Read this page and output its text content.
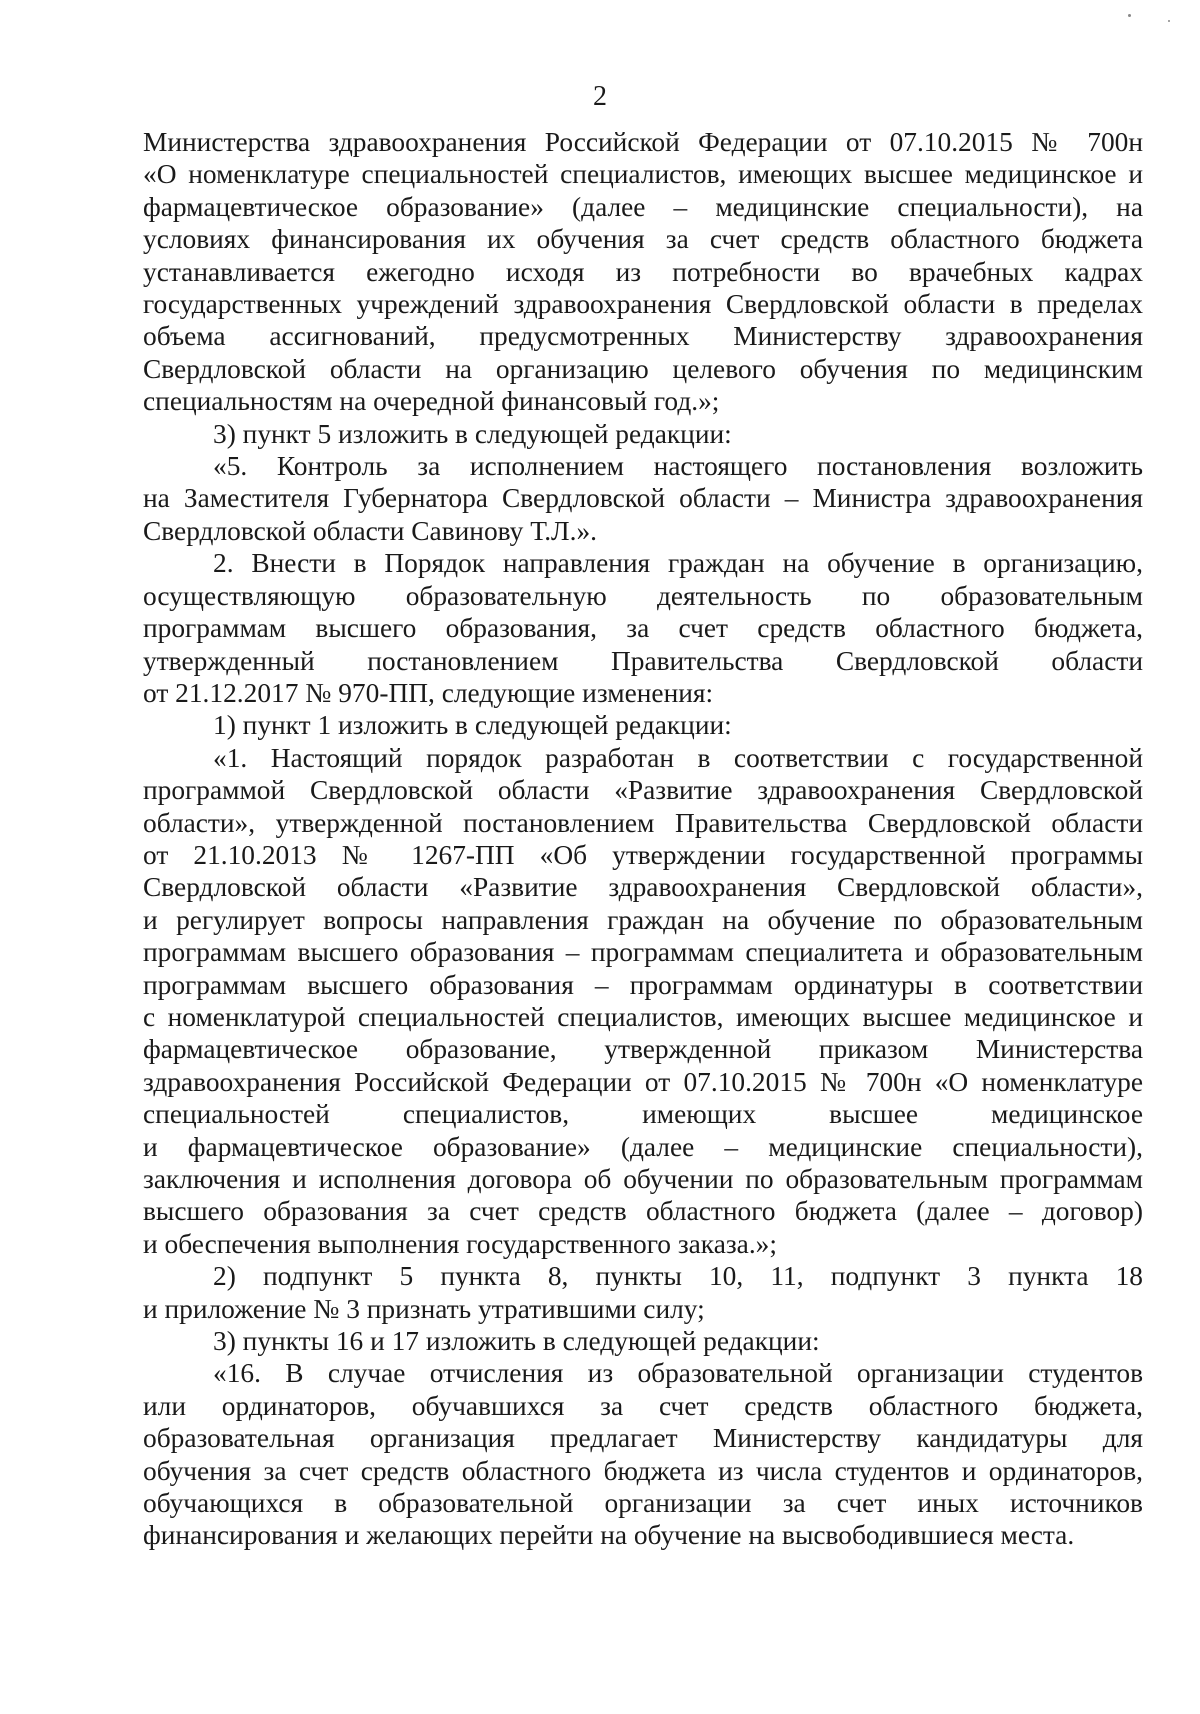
2
Министерства здравоохранения Российской Федерации от 07.10.2015 № 700н
«О номенклатуре специальностей специалистов, имеющих высшее медицинское и
фармацевтическое образование» (далее – медицинские специальности), на
условиях финансирования их обучения за счет средств областного бюджета
устанавливается ежегодно исходя из потребности во врачебных кадрах
государственных учреждений здравоохранения Свердловской области в пределах
объема ассигнований, предусмотренных Министерству здравоохранения
Свердловской области на организацию целевого обучения по медицинским
специальностям на очередной финансовый год.»;
3) пункт 5 изложить в следующей редакции:
«5. Контроль за исполнением настоящего постановления возложить
на Заместителя Губернатора Свердловской области – Министра здравоохранения
Свердловской области Савинову Т.Л.».
2. Внести в Порядок направления граждан на обучение в организацию,
осуществляющую образовательную деятельность по образовательным
программам высшего образования, за счет средств областного бюджета,
утвержденный постановлением Правительства Свердловской области
от 21.12.2017 № 970-ПП, следующие изменения:
1) пункт 1 изложить в следующей редакции:
«1. Настоящий порядок разработан в соответствии с государственной
программой Свердловской области «Развитие здравоохранения Свердловской
области», утвержденной постановлением Правительства Свердловской области
от 21.10.2013 № 1267-ПП «Об утверждении государственной программы
Свердловской области «Развитие здравоохранения Свердловской области»,
и регулирует вопросы направления граждан на обучение по образовательным
программам высшего образования – программам специалитета и образовательным
программам высшего образования – программам ординатуры в соответствии
с номенклатурой специальностей специалистов, имеющих высшее медицинское и
фармацевтическое образование, утвержденной приказом Министерства
здравоохранения Российской Федерации от 07.10.2015 № 700н «О номенклатуре
специальностей специалистов, имеющих высшее медицинское
и фармацевтическое образование» (далее – медицинские специальности),
заключения и исполнения договора об обучении по образовательным программам
высшего образования за счет средств областного бюджета (далее – договор)
и обеспечения выполнения государственного заказа.»;
2) подпункт 5 пункта 8, пункты 10, 11, подпункт 3 пункта 18
и приложение № 3 признать утратившими силу;
3) пункты 16 и 17 изложить в следующей редакции:
«16. В случае отчисления из образовательной организации студентов
или ординаторов, обучавшихся за счет средств областного бюджета,
образовательная организация предлагает Министерству кандидатуры для
обучения за счет средств областного бюджета из числа студентов и ординаторов,
обучающихся в образовательной организации за счет иных источников
финансирования и желающих перейти на обучение на высвободившиеся места.
